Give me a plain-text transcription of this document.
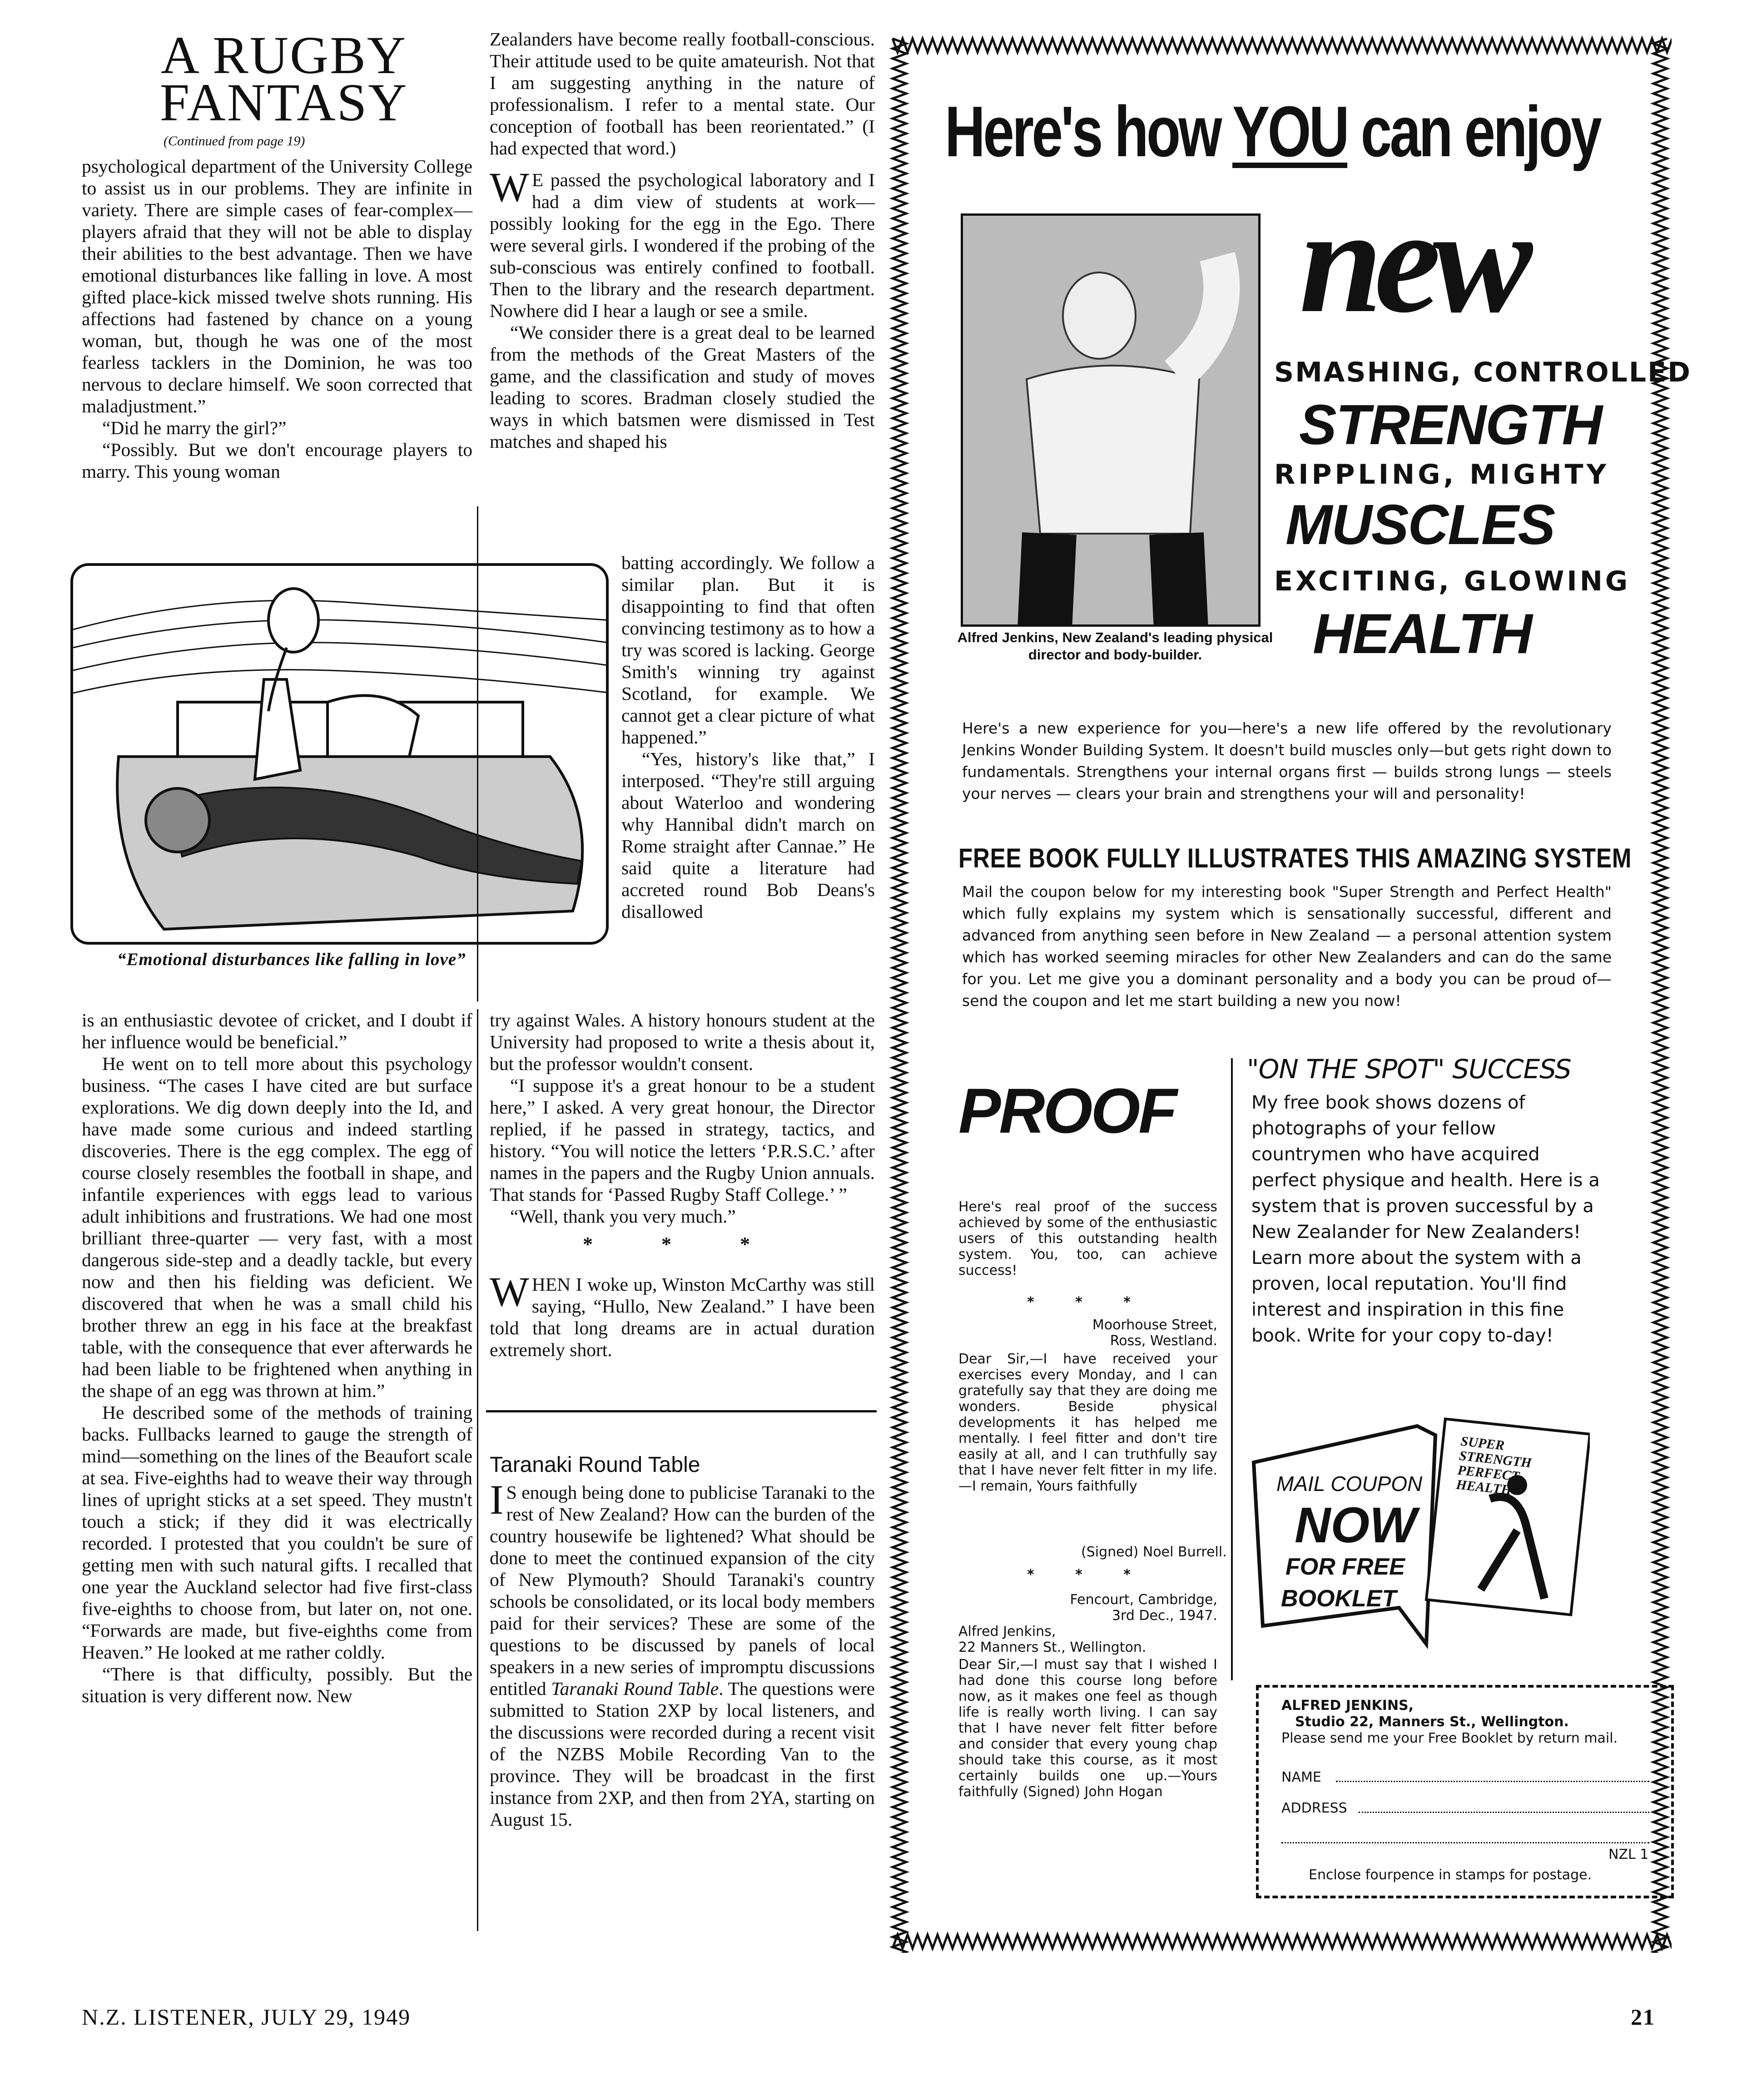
A RUGBY FANTASY
(Continued from page 19)

psychological department of the University College to assist us in our problems. They are infinite in variety. There are simple cases of fear-complex—players afraid that they will not be able to display their abilities to the best advantage. Then we have emotional disturbances like falling in love. A most gifted place-kick missed twelve shots running. His affections had fastened by chance on a young woman, but, though he was one of the most fearless tacklers in the Dominion, he was too nervous to declare himself. We soon corrected that maladjustment.”

“Did he marry the girl?”

“Possibly. But we don't encourage players to marry. This young woman

Zealanders have become really football-conscious. Their attitude used to be quite amateurish. Not that I am suggesting anything in the nature of professionalism. I refer to a mental state. Our conception of football has been reorientated.” (I had expected that word.)

W E passed the psychological laboratory and I had a dim view of students at work—possibly looking for the egg in the Ego. There were several girls. I wondered if the probing of the sub-conscious was entirely confined to football. Then to the library and the research department. Nowhere did I hear a laugh or see a smile.

“We consider there is a great deal to be learned from the methods of the Great Masters of the game, and the classification and study of moves leading to scores. Bradman closely studied the ways in which batsmen were dismissed in Test matches and shaped his

batting accordingly. We follow a similar plan. But it is disappointing to find that often convincing testimony as to how a try was scored is lacking. George Smith's winning try against Scotland, for example. We cannot get a clear picture of what happened.”

“Yes, history's like that,” I interposed. “They're still arguing about Waterloo and wondering why Hannibal didn't march on Rome straight after Cannae.” He said quite a literature had accreted round Bob Deans's disallowed

“Emotional disturbances like falling in love”

is an enthusiastic devotee of cricket, and I doubt if her influence would be beneficial.”

He went on to tell more about this psychology business. “The cases I have cited are but surface explorations. We dig down deeply into the Id, and have made some curious and indeed startling discoveries. There is the egg complex. The egg of course closely resembles the football in shape, and infantile experiences with eggs lead to various adult inhibitions and frustrations. We had one most brilliant three-quarter — very fast, with a most dangerous side-step and a deadly tackle, but every now and then his fielding was deficient. We discovered that when he was a small child his brother threw an egg in his face at the breakfast table, with the consequence that ever afterwards he had been liable to be frightened when anything in the shape of an egg was thrown at him.”

He described some of the methods of training backs. Fullbacks learned to gauge the strength of mind—something on the lines of the Beaufort scale at sea. Five-eighths had to weave their way through lines of upright sticks at a set speed. They mustn't touch a stick; if they did it was electrically recorded. I protested that you couldn't be sure of getting men with such natural gifts. I recalled that one year the Auckland selector had five first-class five-eighths to choose from, but later on, not one. “Forwards are made, but five-eighths come from Heaven.” He looked at me rather coldly.

“There is that difficulty, possibly. But the situation is very different now. New

try against Wales. A history honours student at the University had proposed to write a thesis about it, but the professor wouldn't consent.

“I suppose it's a great honour to be a student here,” I asked. A very great honour, the Director replied, if he passed in strategy, tactics, and history. “You will notice the letters ‘P.R.S.C.’ after names in the papers and the Rugby Union annuals. That stands for ‘Passed Rugby Staff College.’ ”

“Well, thank you very much.”

* * *

WHEN I woke up, Winston McCarthy was still saying, “Hullo, New Zealand.” I have been told that long dreams are in actual duration extremely short.

Taranaki Round Table

I S enough being done to publicise Taranaki to the rest of New Zealand? How can the burden of the country housewife be lightened? What should be done to meet the continued expansion of the city of New Plymouth? Should Taranaki's country schools be consolidated, or its local body members paid for their services? These are some of the questions to be discussed by panels of local speakers in a new series of impromptu discussions entitled Taranaki Round Table. The questions were submitted to Station 2XP by local listeners, and the discussions were recorded during a recent visit of the NZBS Mobile Recording Van to the province. They will be broadcast in the first instance from 2XP, and then from 2YA, starting on August 15.

N.Z. LISTENER, JULY 29, 1949	21
Here's how YOU can enjoy
Alfred Jenkins, New Zealand's leading physical director and body-builder.
new
SMASHING, CONTROLLED
STRENGTH
RIPPLING, MIGHTY
MUSCLES
EXCITING, GLOWING
HEALTH
Here's a new experience for you—here's a new life offered by the revolutionary Jenkins Wonder Building System. It doesn't build muscles only—but gets right down to fundamentals. Strengthens your internal organs first — builds strong lungs — steels your nerves — clears your brain and strengthens your will and personality!
FREE BOOK FULLY ILLUSTRATES THIS AMAZING SYSTEM
Mail the coupon below for my interesting book "Super Strength and Perfect Health" which fully explains my system which is sensationally successful, different and advanced from anything seen before in New Zealand — a personal attention system which has worked seeming miracles for other New Zealanders and can do the same for you. Let me give you a dominant personality and a body you can be proud of—send the coupon and let me start building a new you now!
PROOF
Here's real proof of the success achieved by some of the enthusiastic users of this outstanding health system. You, too, can achieve success!
* * *
Moorhouse Street,
Ross, Westland.
Dear Sir,—I have received your exercises every Monday, and I can gratefully say that they are doing me wonders. Beside physical developments it has helped me mentally. I feel fitter and don't tire easily at all, and I can truthfully say that I have never felt fitter in my life.—I remain, Yours faithfully
(Signed) Noel Burrell.
* * *
Fencourt, Cambridge,
3rd Dec., 1947.
Alfred Jenkins,
22 Manners St., Wellington.
Dear Sir,—I must say that I wished I had done this course long before now, as it makes one feel as though life is really worth living. I can say that I have never felt fitter before and consider that every young chap should take this course, as it most certainly builds one up.—Yours faithfully (Signed) John Hogan
"ON THE SPOT" SUCCESS
My free book shows dozens of photographs of your fellow countrymen who have acquired perfect physique and health. Here is a system that is proven successful by a New Zealander for New Zealanders! Learn more about the system with a proven, local reputation. You'll find interest and inspiration in this fine book. Write for your copy to-day!
MAIL COUPON
NOW
FOR FREE
BOOKLET
SUPER STRENGTH PERFECT HEALTH
ALFRED JENKINS,
Studio 22, Manners St., Wellington.
Please send me your Free Booklet by return mail.
NAME
ADDRESS
NZL 1
Enclose fourpence in stamps for postage.
